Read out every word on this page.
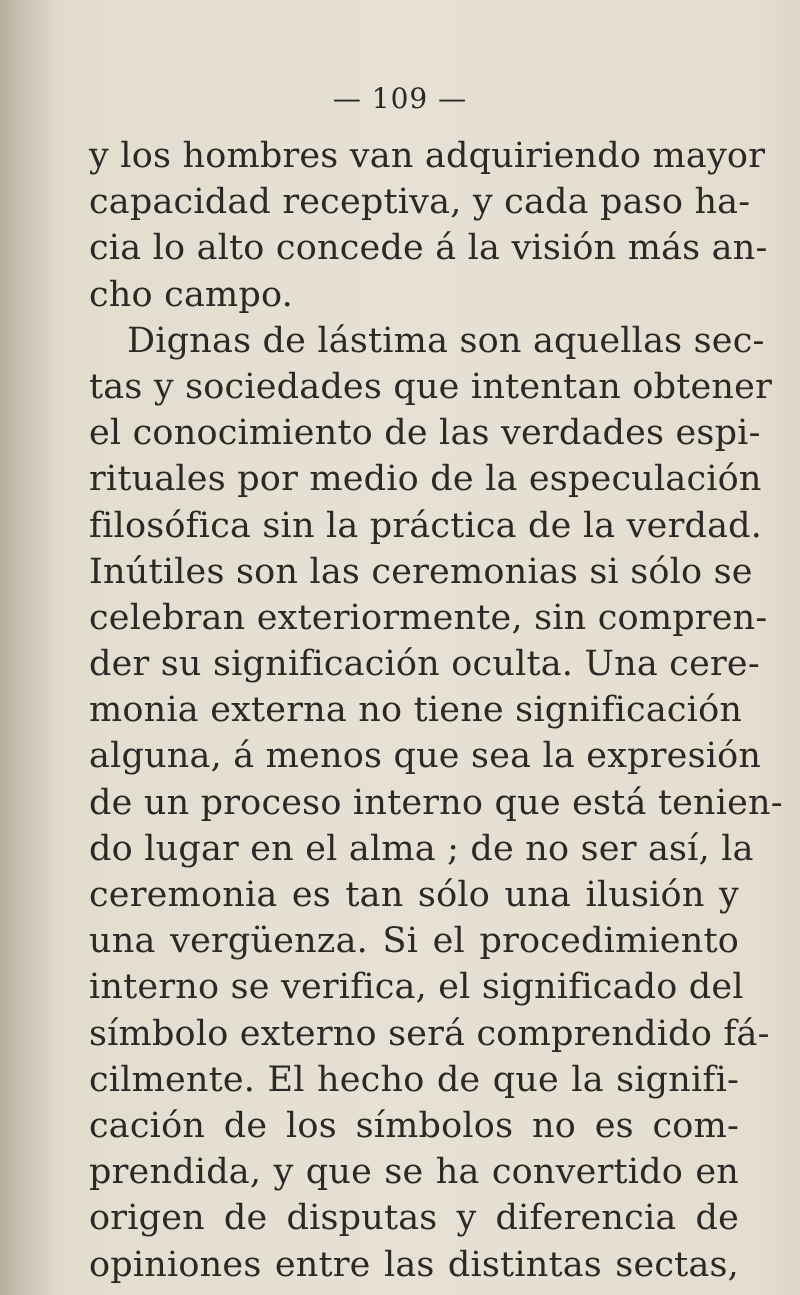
— 109 —
y los hombres van adquiriendo mayor
capacidad receptiva, y cada paso ha-
cia lo alto concede á la visión más an-
cho campo.
Dignas de lástima son aquellas sec-
tas y sociedades que intentan obtener
el conocimiento de las verdades espi-
rituales por medio de la especulación
filosófica sin la práctica de la verdad.
Inútiles son las ceremonias si sólo se
celebran exteriormente, sin compren-
der su significación oculta. Una cere-
monia externa no tiene significación
alguna, á menos que sea la expresión
de un proceso interno que está tenien-
do lugar en el alma ; de no ser así, la
ceremonia es tan sólo una ilusión y
una vergüenza. Si el procedimiento
interno se verifica, el significado del
símbolo externo será comprendido fá-
cilmente. El hecho de que la signifi-
cación de los símbolos no es com-
prendida, y que se ha convertido en
origen de disputas y diferencia de
opiniones entre las distintas sectas,
